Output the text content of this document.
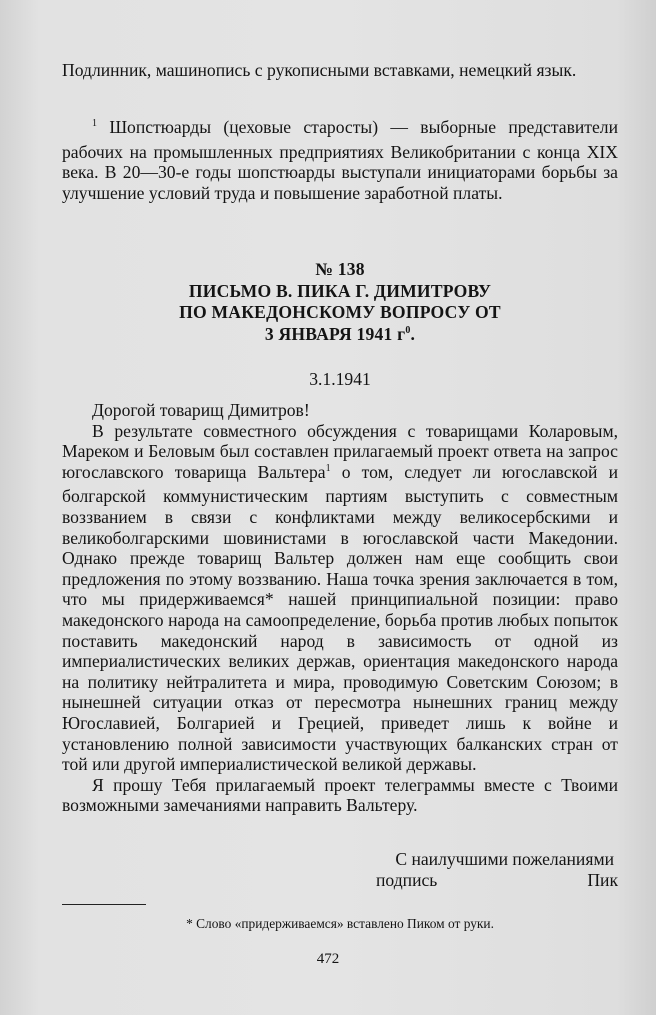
Подлинник, машинопись с рукописными вставками, немецкий язык.

$^1$ Шопстюарды (цеховые старосты) — выборные представители рабочих на промышленных предприятиях Великобритании с конца XIX века. В 20—30-е годы шопстюарды выступали инициаторами борьбы за улучшение условий труда и повышение заработной платы.

№ 138
ПИСЬМО В. ПИКА Г. ДИМИТРОВУ
ПО МАКЕДОНСКОМУ ВОПРОСУ ОТ
3 ЯНВАРЯ 1941 $г^0$.
3.1.1941

Дорогой товарищ Димитров!

В результате совместного обсуждения с товарищами Коларовым, Мареком и Беловым был составлен прилагаемый проект ответа на запрос югославского товарища Вальтера$^1$ о том, следует ли югославской и болгарской коммунистическим партиям выступить с совместным воззванием в связи с конфликтами между великосербскими и великоболгарскими шовинистами в югославской части Македонии. Однако прежде товарищ Вальтер должен нам еще сообщить свои предложения по этому воззванию. Наша точка зрения заключается в том, что мы придерживаемся* нашей принципиальной позиции: право македонского народа на самоопределение, борьба против любых попыток поставить македонский народ в зависимость от одной из империалистических великих держав, ориентация македонского народа на политику нейтралитета и мира, проводимую Советским Союзом; в нынешней ситуации отказ от пересмотра нынешних границ между Югославией, Болгарией и Грецией, приведет лишь к войне и установлению полной зависимости участвующих балканских стран от той или другой империалистической великой державы.

Я прошу Тебя прилагаемый проект телеграммы вместе с Твоими возможными замечаниями направить Вальтеру.

С наилучшими пожеланиями
подпись	Пик
* Слово «придерживаемся» вставлено Пиком от руки.
472
